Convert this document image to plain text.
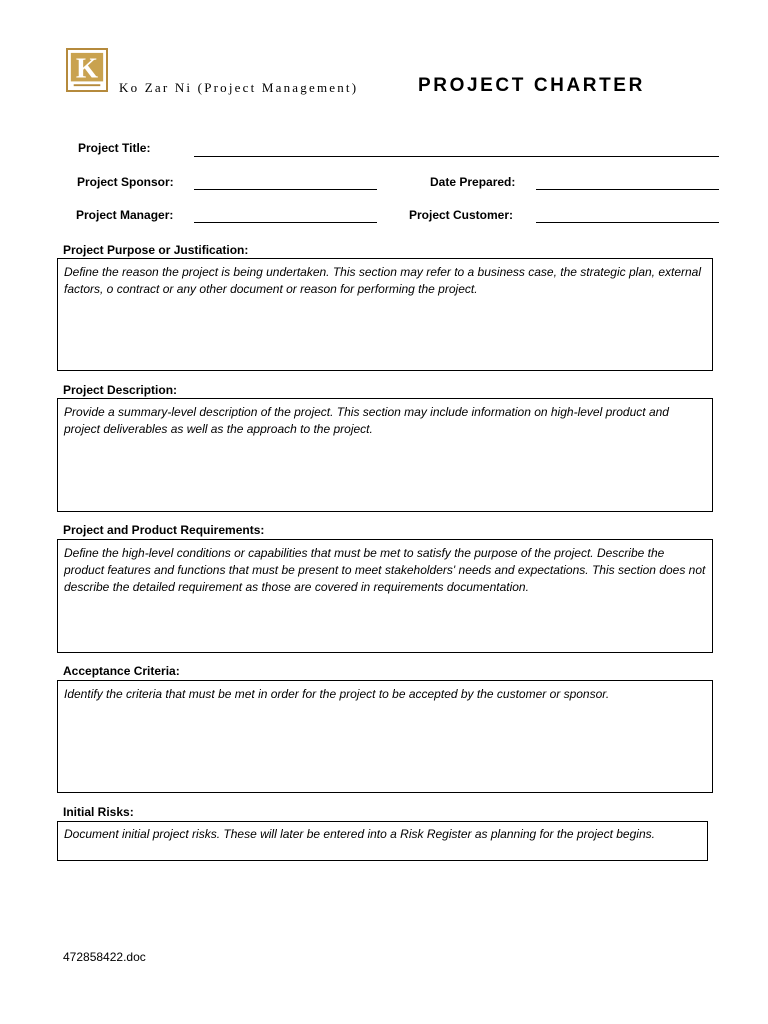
K
Ko Zar Ni (Project Management)	PROJECT CHARTER
Project Title:
Project Sponsor:	Date Prepared:
Project Manager:	Project Customer:
Project Purpose or Justification:
Define the reason the project is being undertaken. This section may refer to a business case, the strategic plan, external factors, o contract or any other document or reason for performing the project.
Project Description:
Provide a summary-level description of the project. This section may include information on high-level product and project deliverables as well as the approach to the project.
Project and Product Requirements:
Define the high-level conditions or capabilities that must be met to satisfy the purpose of the project. Describe the product features and functions that must be present to meet stakeholders' needs and expectations. This section does not describe the detailed requirement as those are covered in requirements documentation.
Acceptance Criteria:
Identify the criteria that must be met in order for the project to be accepted by the customer or sponsor.
Initial Risks:
Document initial project risks. These will later be entered into a Risk Register as planning for the project begins.
472858422.doc
